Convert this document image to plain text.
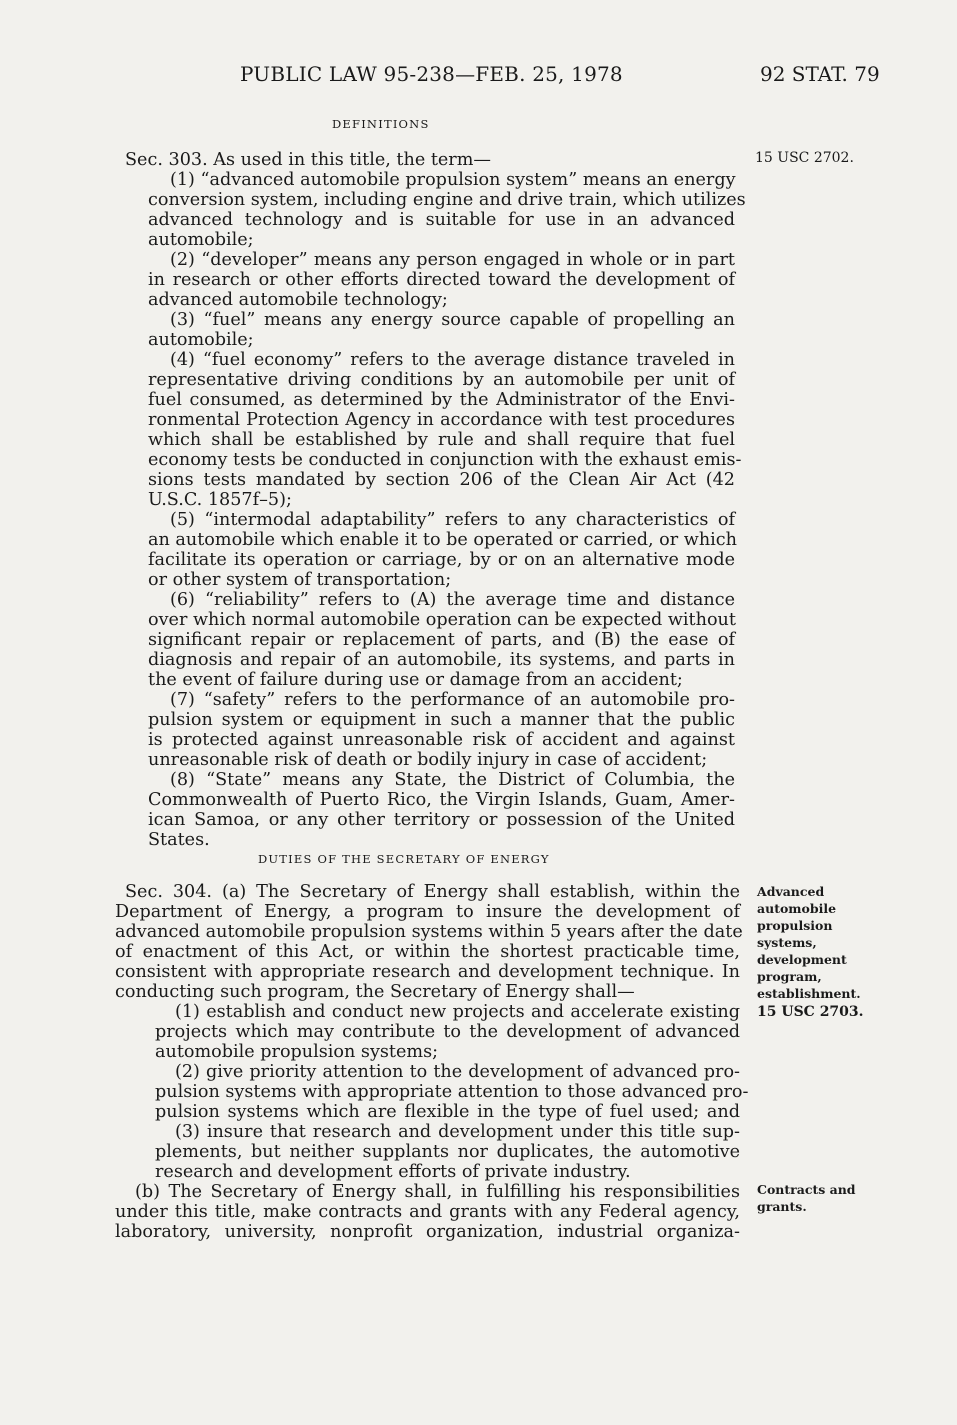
PUBLIC LAW 95-238—FEB. 25, 1978	92 STAT. 79
DEFINITIONS
15 USC 2702.
Sec. 303. As used in this title, the term—
(1) “advanced automobile propulsion system” means an energy
conversion system, including engine and drive train, which utilizes
advanced technology and is suitable for use in an advanced
automobile;
(2) “developer” means any person engaged in whole or in part
in research or other efforts directed toward the development of
advanced automobile technology;
(3) “fuel” means any energy source capable of propelling an
automobile;
(4) “fuel economy” refers to the average distance traveled in
representative driving conditions by an automobile per unit of
fuel consumed, as determined by the Administrator of the Envi-
ronmental Protection Agency in accordance with test procedures
which shall be established by rule and shall require that fuel
economy tests be conducted in conjunction with the exhaust emis-
sions tests mandated by section 206 of the Clean Air Act (42
U.S.C. 1857f–5);
(5) “intermodal adaptability” refers to any characteristics of
an automobile which enable it to be operated or carried, or which
facilitate its operation or carriage, by or on an alternative mode
or other system of transportation;
(6) “reliability” refers to (A) the average time and distance
over which normal automobile operation can be expected without
significant repair or replacement of parts, and (B) the ease of
diagnosis and repair of an automobile, its systems, and parts in
the event of failure during use or damage from an accident;
(7) “safety” refers to the performance of an automobile pro-
pulsion system or equipment in such a manner that the public
is protected against unreasonable risk of accident and against
unreasonable risk of death or bodily injury in case of accident;
(8) “State” means any State, the District of Columbia, the
Commonwealth of Puerto Rico, the Virgin Islands, Guam, Amer-
ican Samoa, or any other territory or possession of the United
States.
DUTIES OF THE SECRETARY OF ENERGY
Sec. 304. (a) The Secretary of Energy shall establish, within the
Department of Energy, a program to insure the development of
advanced automobile propulsion systems within 5 years after the date
of enactment of this Act, or within the shortest practicable time,
consistent with appropriate research and development technique. In
conducting such program, the Secretary of Energy shall—
(1) establish and conduct new projects and accelerate existing
projects which may contribute to the development of advanced
automobile propulsion systems;
(2) give priority attention to the development of advanced pro-
pulsion systems with appropriate attention to those advanced pro-
pulsion systems which are flexible in the type of fuel used; and
(3) insure that research and development under this title sup-
plements, but neither supplants nor duplicates, the automotive
research and development efforts of private industry.
(b) The Secretary of Energy shall, in fulfilling his responsibilities
under this title, make contracts and grants with any Federal agency,
laboratory, university, nonprofit organization, industrial organiza-
Advanced
automobile
propulsion
systems,
development
program,
establishment.
15 USC 2703.
Contracts and
grants.
